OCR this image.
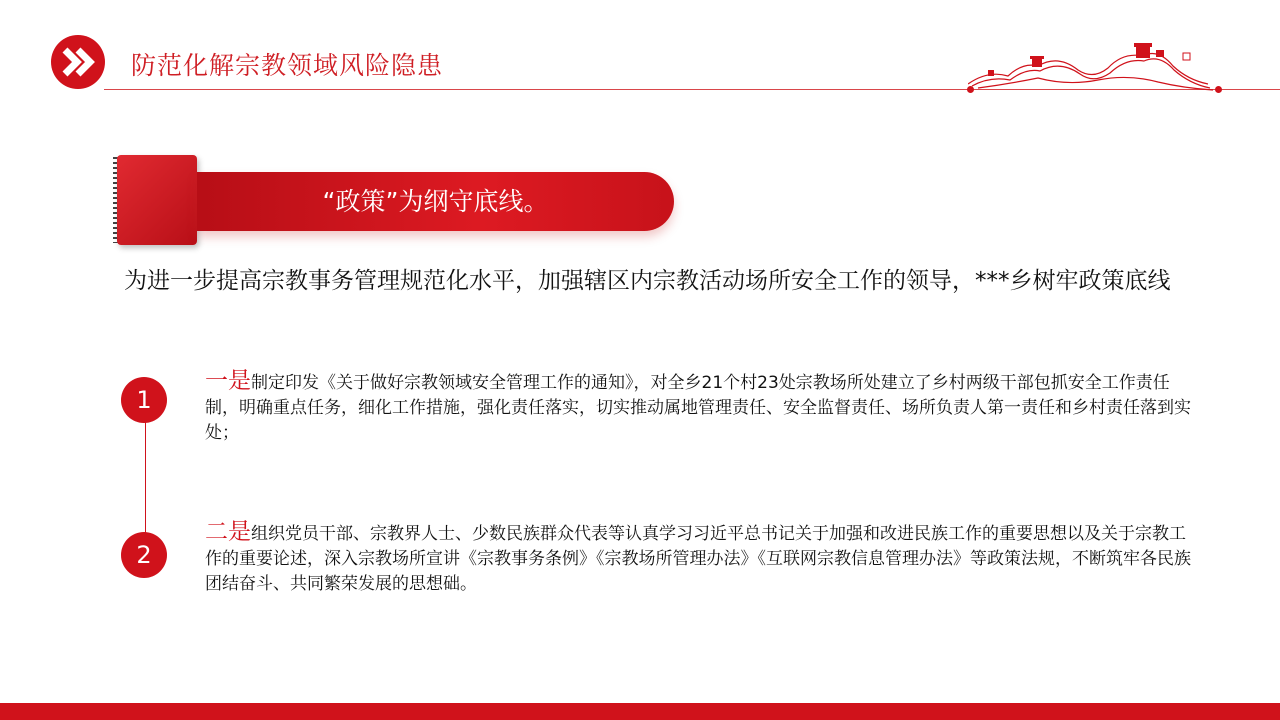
防范化解宗教领域风险隐患
“政策”为纲守底线。
为进一步提高宗教事务管理规范化水平，加强辖区内宗教活动场所安全工作的领导，***乡树牢政策底线
1
一是制定印发《关于做好宗教领域安全管理工作的通知》，对全乡21个村23处宗教场所处建立了乡村两级干部包抓安全工作责任制，明确重点任务，细化工作措施，强化责任落实，切实推动属地管理责任、安全监督责任、场所负责人第一责任和乡村责任落到实处；
2
二是组织党员干部、宗教界人士、少数民族群众代表等认真学习习近平总书记关于加强和改进民族工作的重要思想以及关于宗教工作的重要论述，深入宗教场所宣讲《宗教事务条例》《宗教场所管理办法》《互联网宗教信息管理办法》等政策法规，不断筑牢各民族团结奋斗、共同繁荣发展的思想础。
